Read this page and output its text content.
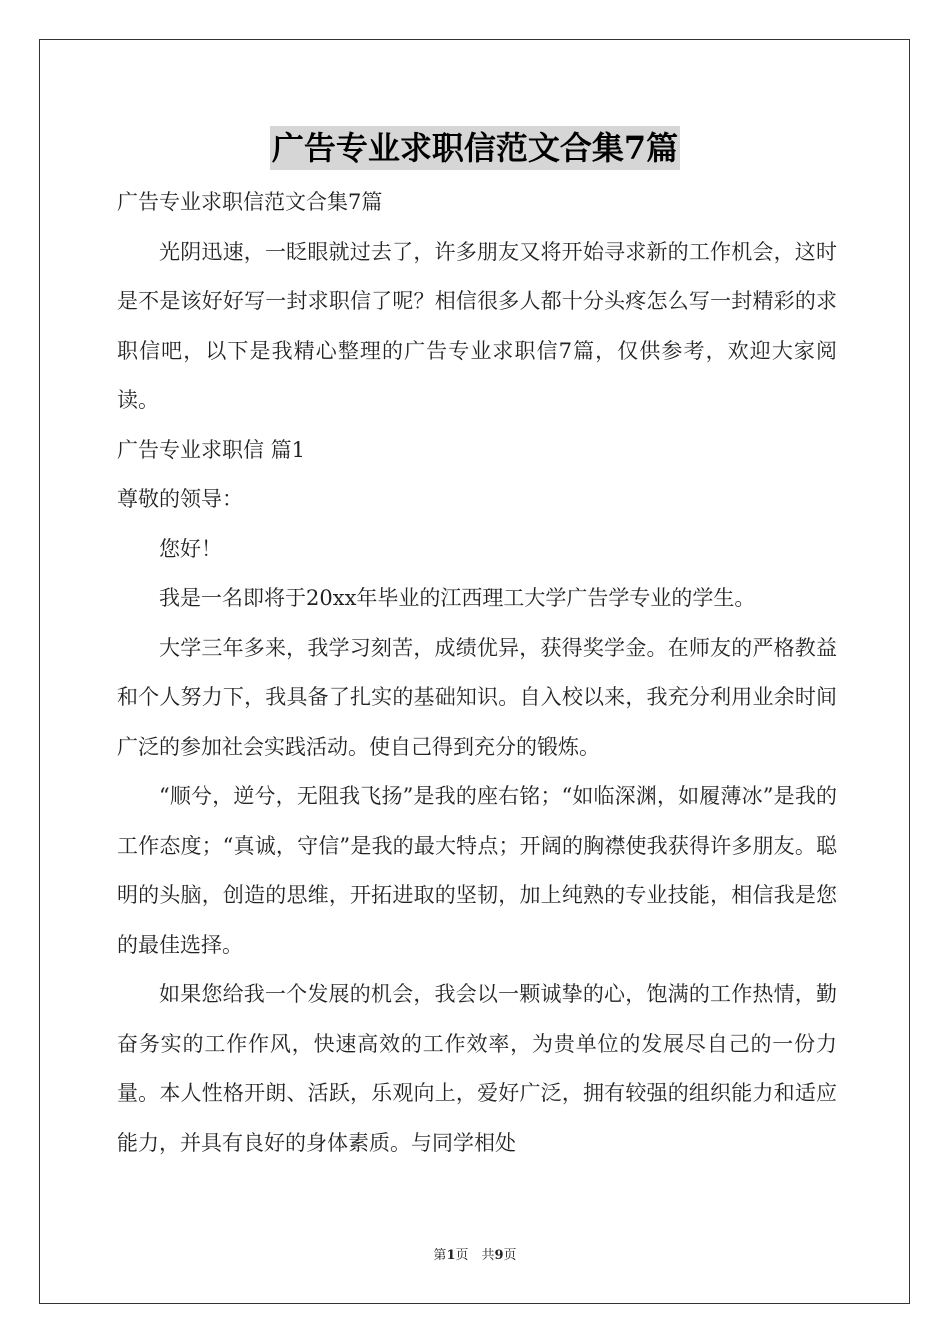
广告专业求职信范文合集7篇

广告专业求职信范文合集7篇

光阴迅速，一眨眼就过去了，许多朋友又将开始寻求新的工作机会，这时是不是该好好写一封求职信了呢？相信很多人都十分头疼怎么写一封精彩的求职信吧，以下是我精心整理的广告专业求职信7篇，仅供参考，欢迎大家阅读。

广告专业求职信 篇1

尊敬的领导：

您好！

我是一名即将于20xx年毕业的江西理工大学广告学专业的学生。

大学三年多来，我学习刻苦，成绩优异，获得奖学金。在师友的严格教益和个人努力下，我具备了扎实的基础知识。自入校以来，我充分利用业余时间广泛的参加社会实践活动。使自己得到充分的锻炼。

“顺兮，逆兮，无阻我飞扬”是我的座右铭；“如临深渊，如履薄冰”是我的工作态度；“真诚，守信”是我的最大特点；开阔的胸襟使我获得许多朋友。聪明的头脑，创造的思维，开拓进取的坚韧，加上纯熟的专业技能，相信我是您的最佳选择。

如果您给我一个发展的机会，我会以一颗诚挚的心，饱满的工作热情，勤奋务实的工作作风，快速高效的工作效率，为贵单位的发展尽自己的一份力量。本人性格开朗、活跃，乐观向上，爱好广泛，拥有较强的组织能力和适应能力，并具有良好的身体素质。与同学相处

第1页　共9页
